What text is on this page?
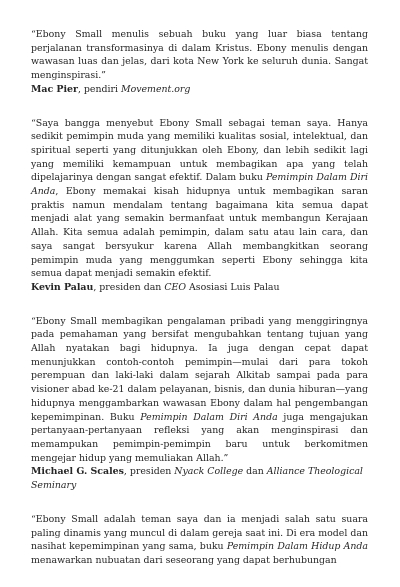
“Ebony Small menulis sebuah buku yang luar biasa tentang perjalanan transformasinya di dalam Kristus. Ebony menulis dengan wawasan luas dan jelas, dari kota New York ke seluruh dunia. Sangat menginspirasi.”

Mac Pier, pendiri Movement.org

“Saya bangga menyebut Ebony Small sebagai teman saya. Hanya sedikit pemimpin muda yang memiliki kualitas sosial, intelektual, dan spiritual seperti yang ditunjukkan oleh Ebony, dan lebih sedikit lagi yang memiliki kemampuan untuk membagikan apa yang telah dipelajarinya dengan sangat efektif. Dalam buku Pemimpin Dalam Diri Anda, Ebony memakai kisah hidupnya untuk membagikan saran praktis namun mendalam tentang bagaimana kita semua dapat menjadi alat yang semakin bermanfaat untuk membangun Kerajaan Allah. Kita semua adalah pemimpin, dalam satu atau lain cara, dan saya sangat bersyukur karena Allah membangkitkan seorang pemimpin muda yang menggumkan seperti Ebony sehingga kita semua dapat menjadi semakin efektif.

Kevin Palau, presiden dan CEO Asosiasi Luis Palau

“Ebony Small membagikan pengalaman pribadi yang menggiringnya pada pemahaman yang bersifat mengubahkan tentang tujuan yang Allah nyatakan bagi hidupnya. Ia juga dengan cepat dapat menunjukkan contoh-contoh pemimpin—mulai dari para tokoh perempuan dan laki-laki dalam sejarah Alkitab sampai pada para visioner abad ke-21 dalam pelayanan, bisnis, dan dunia hiburan—yang hidupnya menggambarkan wawasan Ebony dalam hal pengembangan kepemimpinan. Buku Pemimpin Dalam Diri Anda juga mengajukan pertanyaan-pertanyaan refleksi yang akan menginspirasi dan memampukan pemimpin-pemimpin baru untuk berkomitmen mengejar hidup yang memuliakan Allah.”

Michael G. Scales, presiden Nyack College dan Alliance Theological Seminary

“Ebony Small adalah teman saya dan ia menjadi salah satu suara paling dinamis yang muncul di dalam gereja saat ini. Di era model dan nasihat kepemimpinan yang sama, buku Pemimpin Dalam Hidup Anda menawarkan nubuatan dari seseorang yang dapat berhubungan
